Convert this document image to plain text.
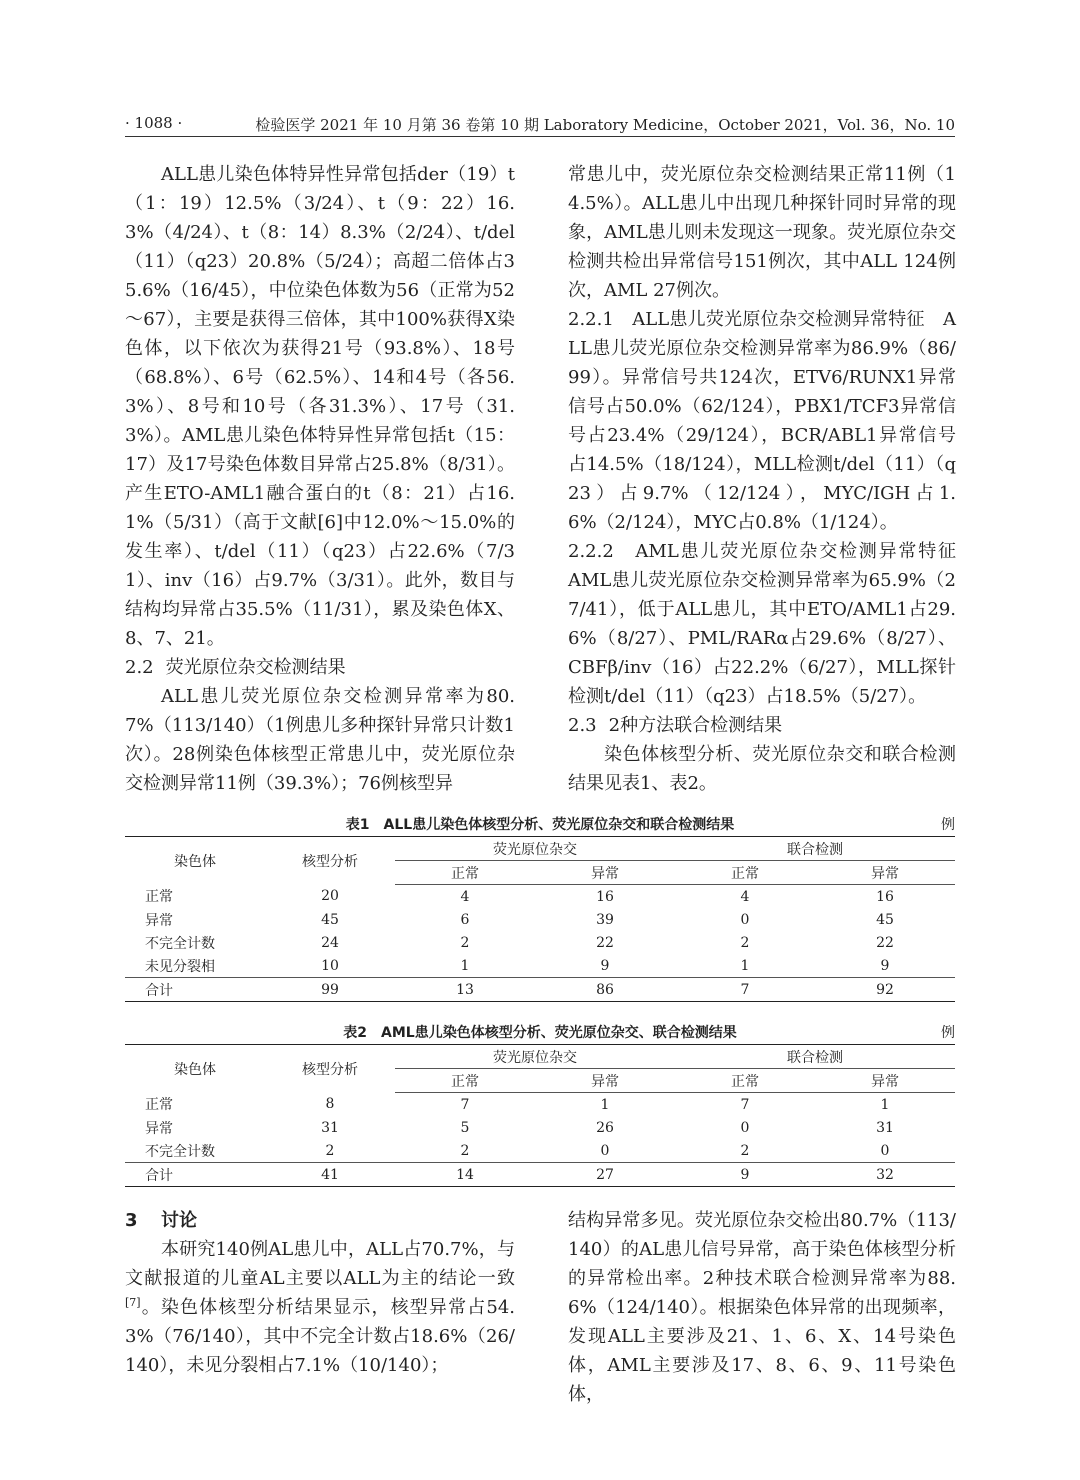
· 1088 ·	检验医学 2021 年 10 月第 36 卷第 10 期 Laboratory Medicine，October 2021，Vol. 36，No. 10

ALL患儿染色体特异性异常包括der（19）t（1：19）12.5%（3/24）、t（9：22）16.3%（4/24）、t（8：14）8.3%（2/24）、t/del（11）（q23）20.8%（5/24）；高超二倍体占35.6%（16/45），中位染色体数为56（正常为52～67），主要是获得三倍体，其中100%获得X染色体，以下依次为获得21号（93.8%）、18号（68.8%）、6号（62.5%）、14和4号（各56.3%）、8号和10号（各31.3%）、17号（31.3%）。AML患儿染色体特异性异常包括t（15：17）及17号染色体数目异常占25.8%（8/31）。产生ETO-AML1融合蛋白的t（8：21）占16.1%（5/31）（高于文献[6]中12.0%～15.0%的发生率）、t/del（11）（q23）占22.6%（7/31）、inv（16）占9.7%（3/31）。此外，数目与结构均异常占35.5%（11/31），累及染色体X、8、7、21。

2.2 荧光原位杂交检测结果

ALL患儿荧光原位杂交检测异常率为80.7%（113/140）（1例患儿多种探针异常只计数1次）。28例染色体核型正常患儿中，荧光原位杂交检测异常11例（39.3%）；76例核型异

常患儿中，荧光原位杂交检测结果正常11例（14.5%）。ALL患儿中出现几种探针同时异常的现象，AML患儿则未发现这一现象。荧光原位杂交检测共检出异常信号151例次，其中ALL 124例次，AML 27例次。

2.2.1　 ALL患儿荧光原位杂交检测异常特征　 ALL患儿荧光原位杂交检测异常率为86.9%（86/99）。异常信号共124次，ETV6/RUNX1异常信号占50.0%（62/124），PBX1/TCF3异常信号占23.4%（29/124），BCR/ABL1异常信号占14.5%（18/124），MLL检测t/del（11）（q23）占9.7%（12/124），MYC/IGH占1.6%（2/124），MYC占0.8%（1/124）。

2.2.2　 AML患儿荧光原位杂交检测异常特征　AML患儿荧光原位杂交检测异常率为65.9%（27/41），低于ALL患儿，其中ETO/AML1占29.6%（8/27）、PML/RARα占29.6%（8/27）、CBFβ/inv（16）占22.2%（6/27），MLL探针检测t/del（11）（q23）占18.5%（5/27）。

2.3 2种方法联合检测结果

染色体核型分析、荧光原位杂交和联合检测结果见表1、表2。

表1 ALL患儿染色体核型分析、荧光原位杂交和联合检测结果	例
染色体	核型分析	荧光原位杂交		联合检测	
		正常	异常	正常	异常
正常	20	4	16	4	16
异常	45	6	39	0	45
不完全计数	24	2	22	2	22
未见分裂相	10	1	9	1	9
合计	99	13	86	7	92
表2 AML患儿染色体核型分析、荧光原位杂交、联合检测结果	例
染色体	核型分析	荧光原位杂交		联合检测	
		正常	异常	正常	异常
正常	8	7	1	7	1
异常	31	5	26	0	31
不完全计数	2	2	0	2	0
合计	41	14	27	9	32
3 讨论

本研究140例AL患儿中，ALL占70.7%，与文献报道的儿童AL主要以ALL为主的结论一致[7]。染色体核型分析结果显示，核型异常占54.3%（76/140），其中不完全计数占18.6%（26/140），未见分裂相占7.1%（10/140）；

结构异常多见。荧光原位杂交检出80.7%（113/140）的AL患儿信号异常，高于染色体核型分析的异常检出率。2种技术联合检测异常率为88.6%（124/140）。根据染色体异常的出现频率，发现ALL主要涉及21、1、6、X、14号染色体，AML主要涉及17、8、6、9、11号染色体，
